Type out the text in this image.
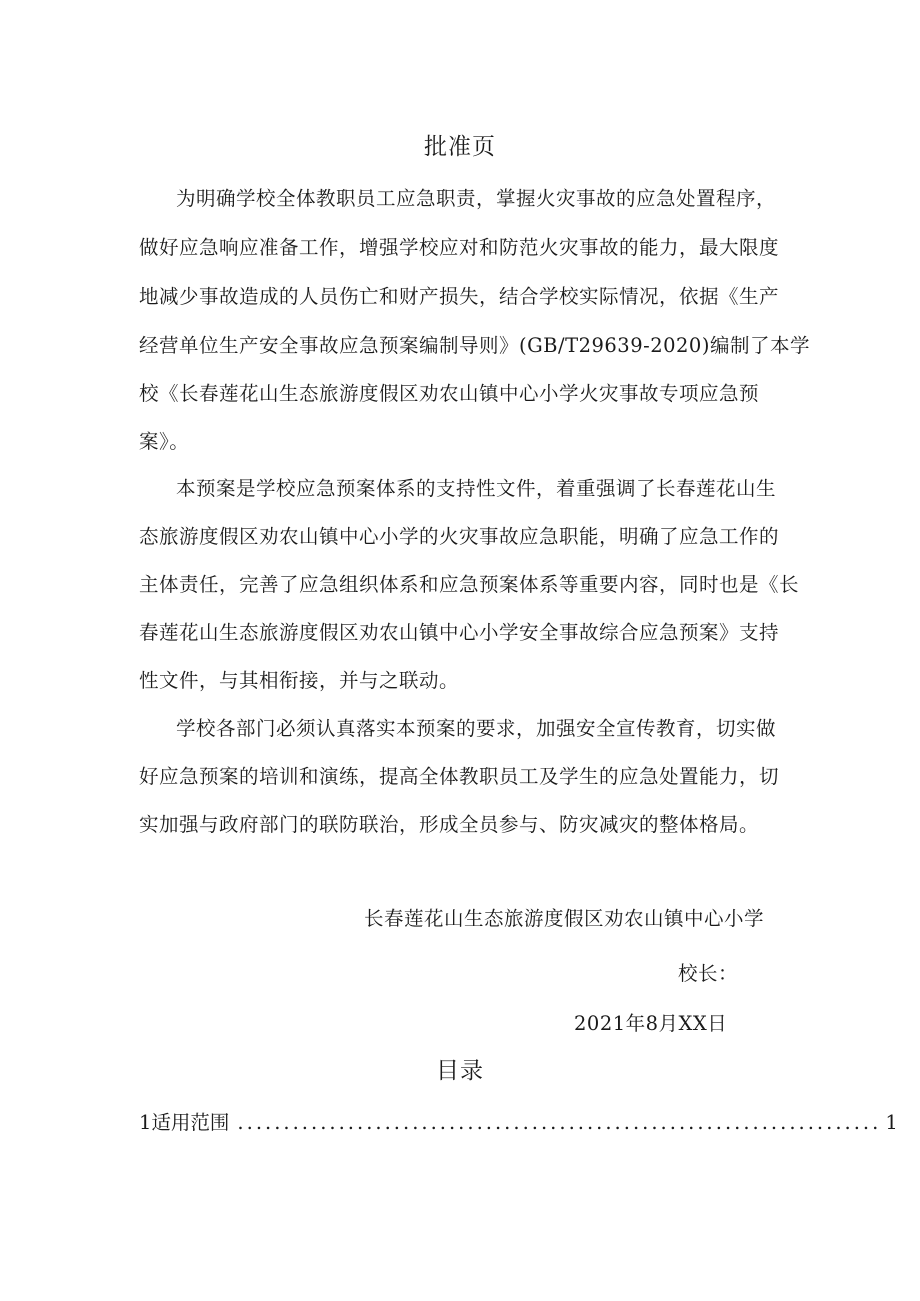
批准页
为明确学校全体教职员工应急职责，掌握火灾事故的应急处置程序，
做好应急响应准备工作，增强学校应对和防范火灾事故的能力，最大限度
地减少事故造成的人员伤亡和财产损失，结合学校实际情况，依据《生产
经营单位生产安全事故应急预案编制导则》(GB/T29639-2020)编制了本学
校《长春莲花山生态旅游度假区劝农山镇中心小学火灾事故专项应急预
案》。
本预案是学校应急预案体系的支持性文件，着重强调了长春莲花山生
态旅游度假区劝农山镇中心小学的火灾事故应急职能，明确了应急工作的
主体责任，完善了应急组织体系和应急预案体系等重要内容，同时也是《长
春莲花山生态旅游度假区劝农山镇中心小学安全事故综合应急预案》支持
性文件，与其相衔接，并与之联动。
学校各部门必须认真落实本预案的要求，加强安全宣传教育，切实做
好应急预案的培训和演练，提高全体教职员工及学生的应急处置能力，切
实加强与政府部门的联防联治，形成全员参与、防灾减灾的整体格局。
长春莲花山生态旅游度假区劝农山镇中心小学
校长：
2021年8月XX日
目录
1适用范围 ...................................................................... 1
